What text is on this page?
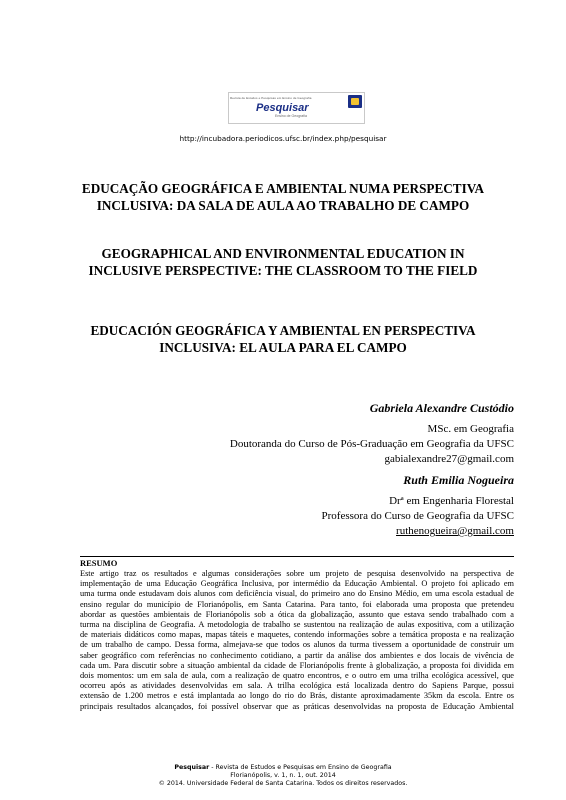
Revista de Estudos e Pesquisas em Ensino de Geografia
Pesquisar
Ensino de Geografia
http://incubadora.periodicos.ufsc.br/index.php/pesquisar
EDUCAÇÃO GEOGRÁFICA E AMBIENTAL NUMA PERSPECTIVA
INCLUSIVA: DA SALA DE AULA AO TRABALHO DE CAMPO
GEOGRAPHICAL AND ENVIRONMENTAL EDUCATION IN
INCLUSIVE PERSPECTIVE: THE CLASSROOM TO THE FIELD
EDUCACIÓN GEOGRÁFICA Y AMBIENTAL EN PERSPECTIVA
INCLUSIVA: EL AULA PARA EL CAMPO
Gabriela Alexandre Custódio
MSc. em Geografia
Doutoranda do Curso de Pós-Graduação em Geografia da UFSC
gabialexandre27@gmail.com
Ruth Emilia Nogueira
Drª em Engenharia Florestal
Professora do Curso de Geografia da UFSC
ruthenogueira@gmail.com
RESUMO
Este artigo traz os resultados e algumas considerações sobre um projeto de pesquisa desenvolvido na perspectiva de
implementação de uma Educação Geográfica Inclusiva, por intermédio da Educação Ambiental. O projeto foi aplicado em
uma turma onde estudavam dois alunos com deficiência visual, do primeiro ano do Ensino Médio, em uma escola estadual de
ensino regular do município de Florianópolis, em Santa Catarina. Para tanto, foi elaborada uma proposta que pretendeu
abordar as questões ambientais de Florianópolis sob a ótica da globalização, assunto que estava sendo trabalhado com a
turma na disciplina de Geografia. A metodologia de trabalho se sustentou na realização de aulas expositiva, com a utilização
de materiais didáticos como mapas, mapas táteis e maquetes, contendo informações sobre a temática proposta e na realização
de um trabalho de campo. Dessa forma, almejava-se que todos os alunos da turma tivessem a oportunidade de construir um
saber geográfico com referências no conhecimento cotidiano, a partir da análise dos ambientes e dos locais de vivência de
cada um. Para discutir sobre a situação ambiental da cidade de Florianópolis frente à globalização, a proposta foi dividida em
dois momentos: um em sala de aula, com a realização de quatro encontros, e o outro em uma trilha ecológica acessível, que
ocorreu após as atividades desenvolvidas em sala. A trilha ecológica está localizada dentro do Sapiens Parque, possui
extensão de 1.200 metros e está implantada ao longo do rio do Brás, distante aproximadamente 35km da escola. Entre os
principais resultados alcançados, foi possível observar que as práticas desenvolvidas na proposta de Educação Ambiental
Pesquisar - Revista de Estudos e Pesquisas em Ensino de Geografia
Florianópolis, v. 1, n. 1, out. 2014
© 2014. Universidade Federal de Santa Catarina. Todos os direitos reservados.
